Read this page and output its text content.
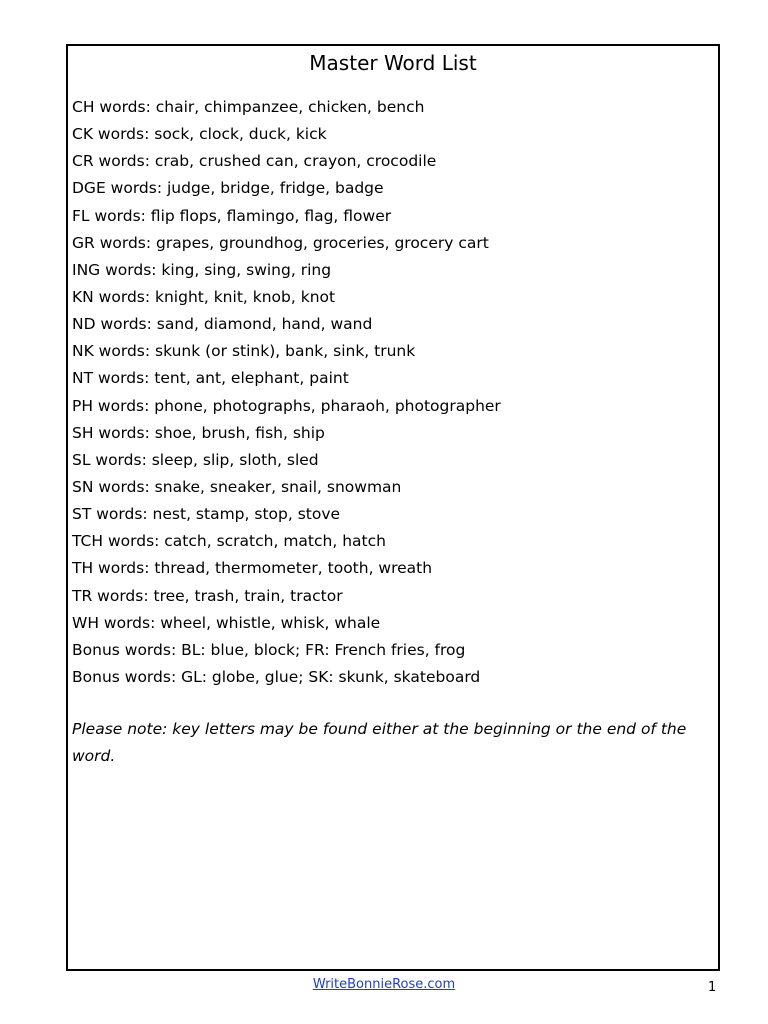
Master Word List
CH words: chair, chimpanzee, chicken, bench
CK words: sock, clock, duck, kick
CR words: crab, crushed can, crayon, crocodile
DGE words: judge, bridge, fridge, badge
FL words: flip flops, flamingo, flag, flower
GR words: grapes, groundhog, groceries, grocery cart
ING words: king, sing, swing, ring
KN words: knight, knit, knob, knot
ND words: sand, diamond, hand, wand
NK words: skunk (or stink), bank, sink, trunk
NT words: tent, ant, elephant, paint
PH words: phone, photographs, pharaoh, photographer
SH words: shoe, brush, fish, ship
SL words: sleep, slip, sloth, sled
SN words: snake, sneaker, snail, snowman
ST words: nest, stamp, stop, stove
TCH words: catch, scratch, match, hatch
TH words: thread, thermometer, tooth, wreath
TR words: tree, trash, train, tractor
WH words: wheel, whistle, whisk, whale
Bonus words: BL: blue, block; FR: French fries, frog
Bonus words: GL: globe, glue; SK: skunk, skateboard

Please note: key letters may be found either at the beginning or the end of the word.

WriteBonnieRose.com	1
